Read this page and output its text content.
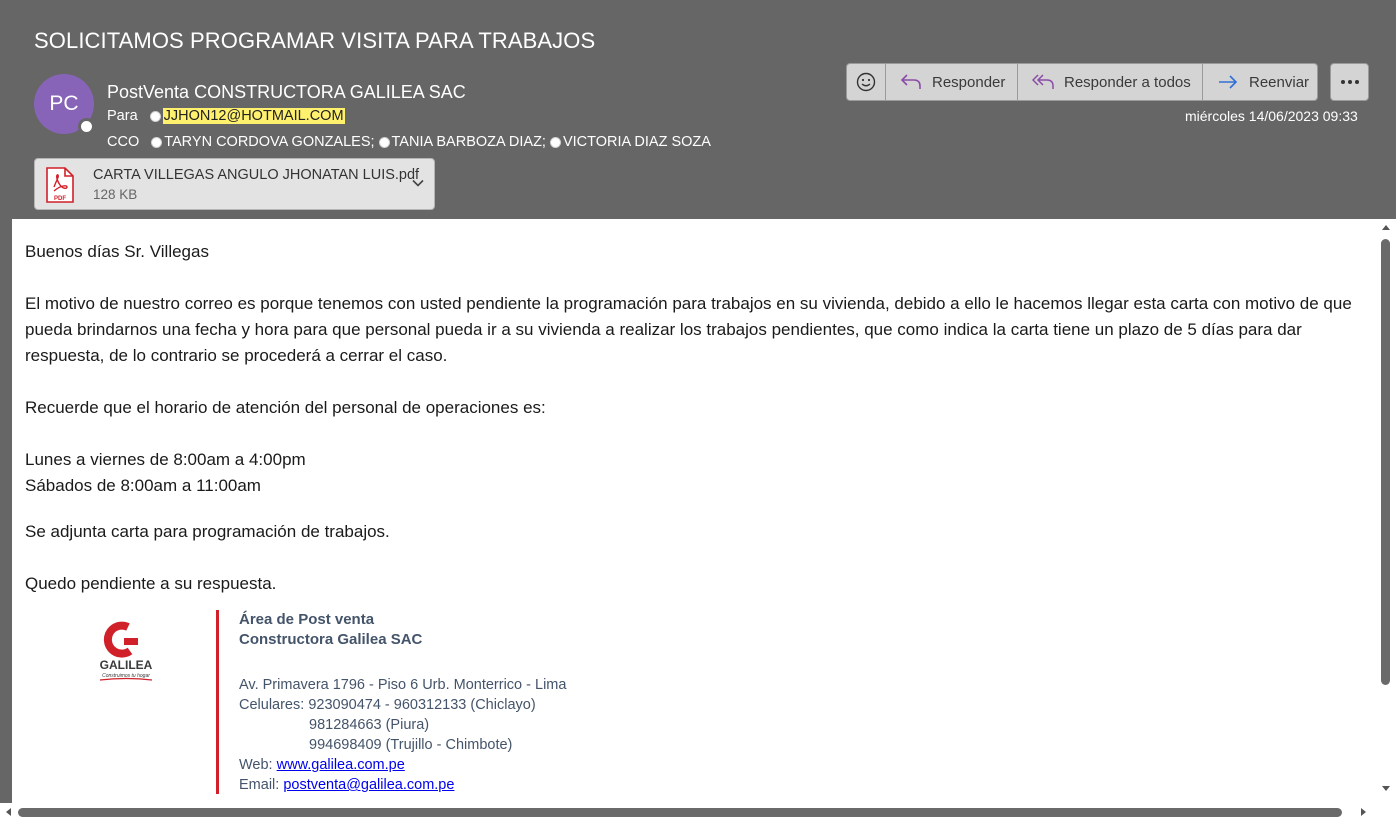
SOLICITAMOS PROGRAMAR VISITA PARA TRABAJOS
PC PostVenta CONSTRUCTORA GALILEA SAC
Para JJHON12@HOTMAIL.COM
CCO TARYN CORDOVA GONZALES; TANIA BARBOZA DIAZ; VICTORIA DIAZ SOZA
PDF
CARTA VILLEGAS ANGULO JHONATAN LUIS.pdf
128 KB
Responder	Responder a todos	Reenviar
miércoles 14/06/2023 09:33

Buenos días Sr. Villegas

El motivo de nuestro correo es porque tenemos con usted pendiente la programación para trabajos en su vivienda, debido a ello le hacemos llegar esta carta con motivo de que pueda brindarnos una fecha y hora para que personal pueda ir a su vivienda a realizar los trabajos pendientes, que como indica la carta tiene un plazo de 5 días para dar respuesta, de lo contrario se procederá a cerrar el caso.

Recuerde que el horario de atención del personal de operaciones es:

Lunes a viernes de 8:00am a 4:00pm

Sábados de 8:00am a 11:00am

Se adjunta carta para programación de trabajos.

Quedo pendiente a su respuesta.

GALILEA
Construimos tu hogar
Área de Post venta
Constructora Galilea SAC
Av. Primavera 1796 - Piso 6 Urb. Monterrico - Lima
Celulares: 923090474 - 960312133 (Chiclayo)
981284663 (Piura)
994698409 (Trujillo - Chimbote)
Web: www.galilea.com.pe
Email: postventa@galilea.com.pe
